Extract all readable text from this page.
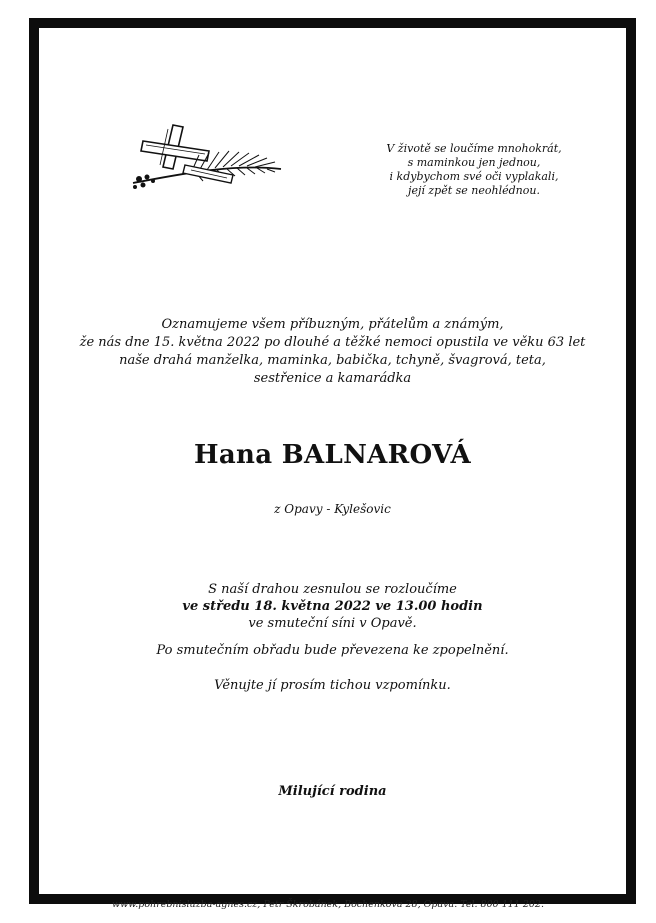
V životě se loučíme mnohokrát,
s maminkou jen jednou,
i kdybychom své oči vyplakali,
její zpět se neohlédnou.
Oznamujeme všem příbuzným, přátelům a známým,
že nás dne 15. května 2022 po dlouhé a těžké nemoci opustila ve věku 63 let
naše drahá manželka, maminka, babička, tchyně, švagrová, teta,
sestřenice a kamarádka
Hana BALNAROVÁ
z Opavy - Kylešovic
S naší drahou zesnulou se rozloučíme
ve středu 18. května 2022 ve 13.00 hodin
ve smuteční síni v Opavě.
Po smutečním obřadu bude převezena ke zpopelnění.
Věnujte jí prosím tichou vzpomínku.
Milující rodina
www.pohrebnisluzba-agnes.cz, Petr Škrobánek, Bochenkova 28, Opava. Tel. 800 111 202.
